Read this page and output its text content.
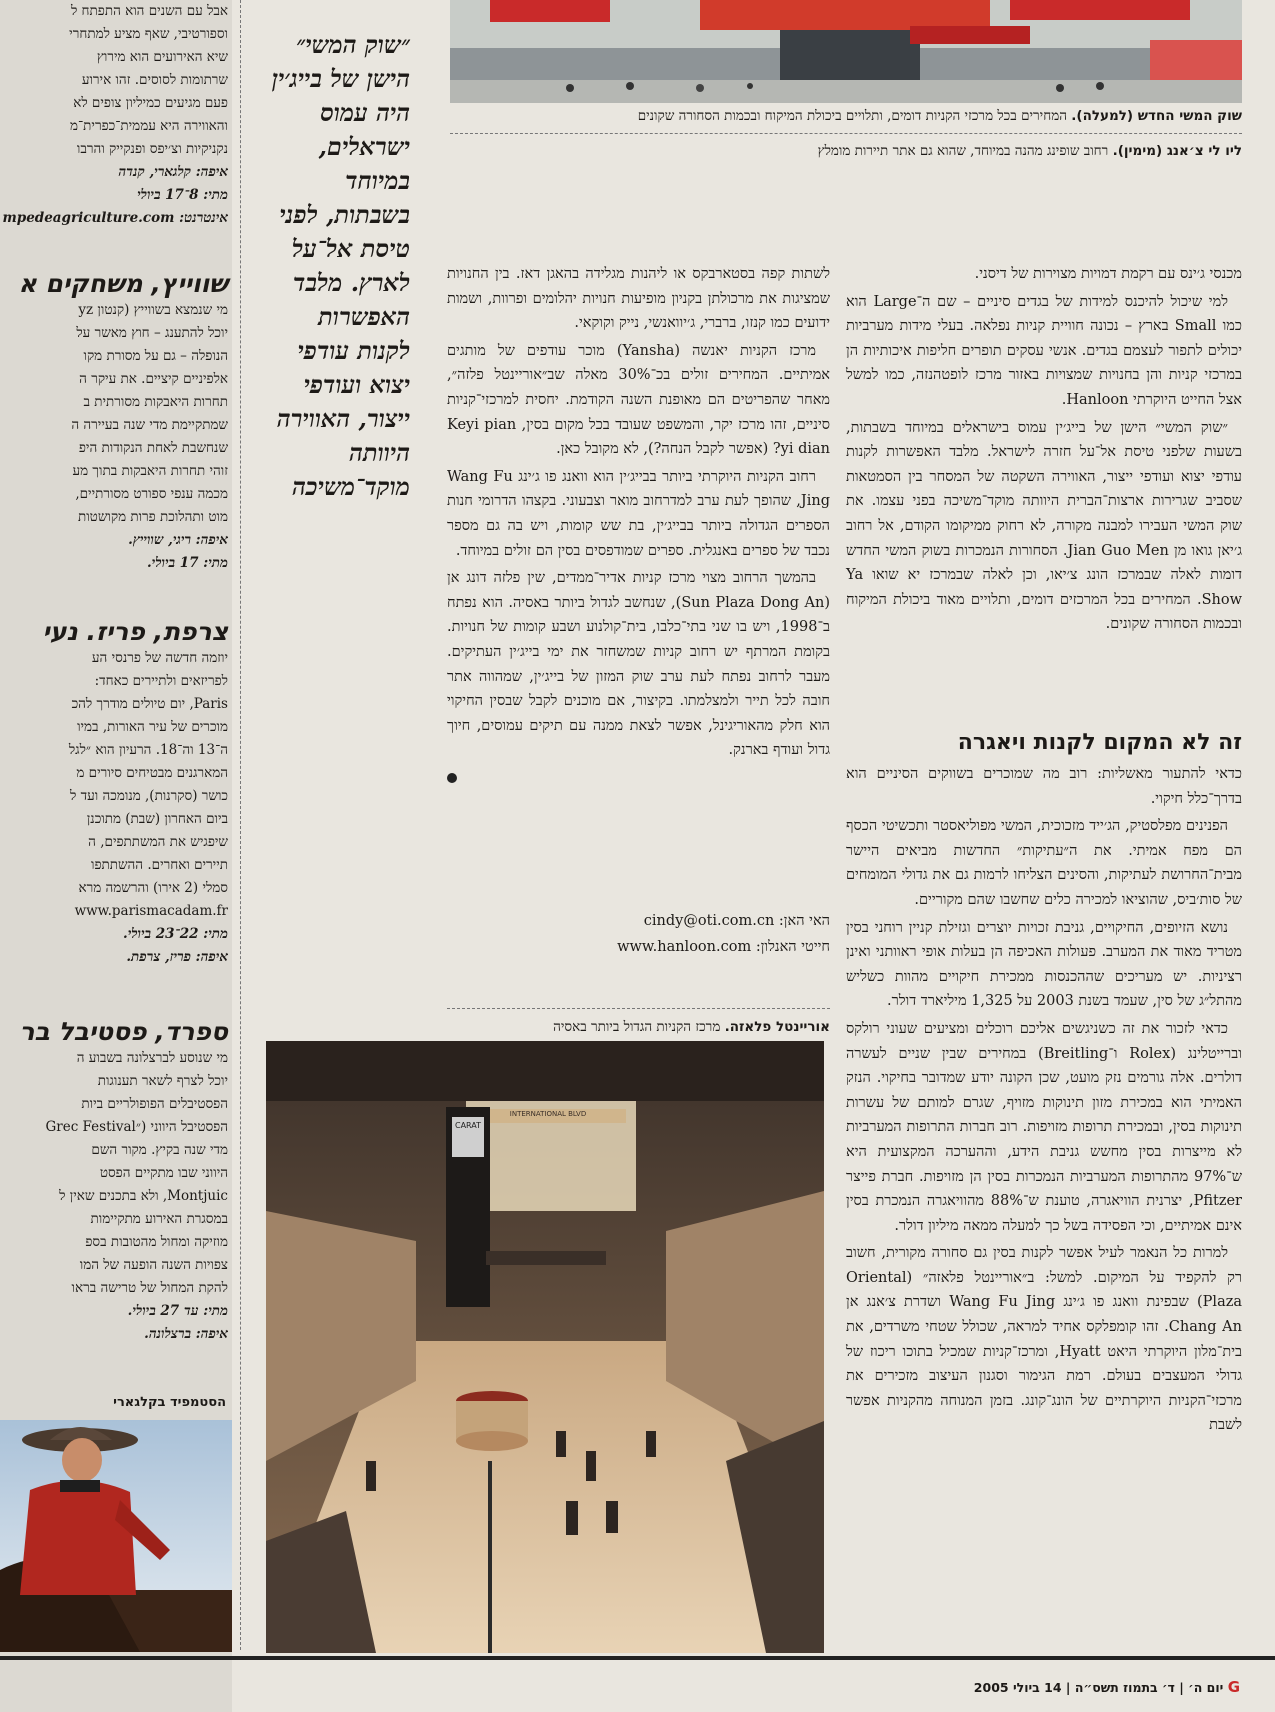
אבל עם השנים הוא התפתח ל
וספורטיבי, שאף מציע למתחרי
שיא האירועים הוא מירוץ
שרתומות לסוסים. זהו אירוע
פעם מגיעים כמיליון צופים לא
והאווירה היא עממית־כפרית־מ
נקניקיות וצ׳יפס ופנקייק והרבו
איפה: קלגארי, קנדה
מתי: 8־17 ביולי
אינטרנט: mpedeagriculture.com
שווייץ, משחקים א
מי שנמצא בשווייץ (קנטון yz
יוכל להתענג – חוץ מאשר על
הנופלה – גם על מסורת מקו
אלפיניים קיציים. את עיקר ה
תחרות היאבקות מסורתית ב
שמתקיימת מדי שנה בעיירה ה
שנחשבת לאחת הנקודות היפ
זוהי תחרות היאבקות בתוך מע
מכמה ענפי ספורט מסורתיים,
מוט ותהלוכת פרות מקושטות
איפה: ריגי, שווייץ.
מתי: 17 ביולי.
צרפת, פריז. נעי
יוזמה חדשה של פרנסי הע
לפריזאים ולתיירים כאחד:
Paris, יום טיולים מודרך להכ
מוכרים של עיר האורות, במיו
ה־13 וה־18. הרעיון הוא ״לגל
המארגנים מבטיחים סיורים מ
כושר (סקרנות), מנומכה ועד ל
ביום האחרון (שבת) מתוכנן
שיפגיש את המשתתפים, ה
תיירים ואחרים. ההשתתפו
סמלי (2 אירו) והרשמה מרא
www.parismacadam.fr
מתי: 22־23 ביולי.
איפה: פריז, צרפת.
ספרד, פסטיבל בר
מי שנוסע לברצלונה בשבוע ה
יוכל לצרף לשאר תענוגות
הפסטיבלים הפופולריים ביות
הפסטיבל היווני (״Grec Festival
מדי שנה בקיץ. מקור השם
היווני שבו מתקיים הפסט
Montjuic, ולא בתכנים שאין ל
במסגרת האירוע מתקיימות
מוזיקה ומחול מהטובות בספ
צפויות השנה הופעה של המו
להקת המחול של טרישה בראו
מתי: עד 27 ביולי.
איפה: ברצלונה.
הסטמפיד בקלגארי
״שוק המשי״ הישן של בייג׳ין היה עמוס ישראלים, במיוחד בשבתות, לפני טיסת אל־על לארץ. מלבד האפשרות לקנות עודפי יצוא ועודפי ייצור, האווירה היוותה מוקד־משיכה
שוק המשי החדש (למעלה). המחירים בכל מרכזי הקניות דומים, ותלויים ביכולת המיקוח ובכמות הסחורה שקונים
ליו לי צ׳אנג (מימין). רחוב שופינג מהנה במיוחד, שהוא גם אתר תיירות מומלץ

מכנסי ג׳ינס עם רקמת דמויות מצוירות של דיסני.

למי שיכול להיכנס למידות של בגדים סיניים – שם ה־Large הוא כמו Small בארץ – נכונה חוויית קניות נפלאה. בעלי מידות מערביות יכולים לתפור לעצמם בגדים. אנשי עסקים תופרים חליפות איכותיות הן במרכזי קניות והן בחנויות שמצויות באזור מרכז לופטהנזה, כמו למשל אצל החייט היוקרתי Hanloon.

״שוק המשי״ הישן של בייג׳ין עמוס בישראלים במיוחד בשבתות, בשעות שלפני טיסת אל־על חזרה לישראל. מלבד האפשרות לקנות עודפי יצוא ועודפי ייצור, האווירה השקטה של המסחר בין הסמטאות שסביב שגרירות ארצות־הברית היוותה מוקד־משיכה בפני עצמו. את שוק המשי העבירו למבנה מקורה, לא רחוק ממיקומו הקודם, אל רחוב ג׳יאן גואו מן Jian Guo Men. הסחורות הנמכרות בשוק המשי החדש דומות לאלה שבמרכז הונג צ׳יאו, וכן לאלה שבמרכז יא שואו Ya Show. המחירים בכל המרכזים דומים, ותלויים מאוד ביכולת המיקוח ובכמות הסחורה שקונים.

זה לא המקום לקנות ויאגרה

כדאי להתעור מאשליות: רוב מה שמוכרים בשווקים הסיניים הוא בדרך־כלל חיקוי.

הפנינים מפלסטיק, הג׳ייד מזכוכית, המשי מפוליאסטר ותכשיטי הכסף הם מפח אמיתי. את ה״עתיקות״ החדשות מביאים היישר מבית־החרושת לעתיקות, והסינים הצליחו לרמות גם את גדולי המומחים של סות׳ביס, שהוציאו למכירה כלים שחשבו שהם מקוריים.

נושא הזיופים, החיקויים, גניבת זכויות יוצרים וגזילת קניין רוחני בסין מטריד מאוד את המערב. פעולות האכיפה הן בעלות אופי ראוותני ואינן רציניות. יש מעריכים שההכנסות ממכירת חיקויים מהוות כשליש מהתל״ג של סין, שעמד בשנת 2003 על 1,325 מיליארד דולר.

כדאי לזכור את זה כשניגשים אליכם רוכלים ומציעים שעוני רולקס וברייטלינג (Rolex ו־Breitling) במחירים שבין שניים לעשרה דולרים. אלה גורמים נזק מועט, שכן הקונה יודע שמדובר בחיקוי. הנזק האמיתי הוא במכירת מזון תינוקות מזויף, שגרם למותם של עשרות תינוקות בסין, ובמכירת תרופות מזויפות. רוב חברות התרופות המערביות לא מייצרות בסין מחשש גניבת הידע, וההערכה המקצועית היא ש־97% מהתרופות המערביות הנמכרות בסין הן מזויפות. חברת פייצר Pfitzer, יצרנית הוויאגרה, טוענת ש־88% מהוויאגרה הנמכרת בסין אינם אמיתיים, וכי הפסידה בשל כך למעלה ממאה מיליון דולר.

למרות כל הנאמר לעיל אפשר לקנות בסין גם סחורה מקורית, חשוב רק להקפיד על המיקום. למשל: ב״אוריינטל פלאזה״ (Oriental Plaza) שבפינת וואנג פו ג׳ינג Wang Fu Jing ושדרת צ׳אנג אן Chang An. זהו קומפלקס אחיד למראה, שכולל שטחי משרדים, את בית־מלון היוקרתי היאט Hyatt, ומרכז־קניות שמכיל בתוכו ריכוז של גדולי המעצבים בעולם. רמת הגימור וסגנון העיצוב מזכירים את מרכזי־הקניות היוקרתיים של הונג־קונג. בזמן המנוחה מהקניות אפשר לשבת

לשתות קפה בסטארבקס או ליהנות מגלידה בהאגן דאז. בין החנויות שמציגות את מרכולתן בקניון מופיעות חנויות יהלומים ופרוות, ושמות ידועים כמו קנזו, ברברי, ג׳יוואנשי, נייק וקוקאי.

מרכז הקניות יאנשה (Yansha) מוכר עודפים של מותגים אמיתיים. המחירים זולים בכ־30% מאלה שב״אוריינטל פלזה״, מאחר שהפריטים הם מאופנת השנה הקודמת. יחסית למרכזי־קניות סיניים, זהו מרכז יקר, והמשפט שעובד בכל מקום בסין, Keyi pian yi dian? (אפשר לקבל הנחה?), לא מקובל כאן.

רחוב הקניות היוקרתי ביותר בבייג׳ין הוא וואנג פו ג׳ינג Wang Fu Jing, שהופך לעת ערב למדרחוב מואר וצבעוני. בקצהו הדרומי חנות הספרים הגדולה ביותר בבייג׳ין, בת שש קומות, ויש בה גם מספר נכבד של ספרים באנגלית. ספרים שמודפסים בסין הם זולים במיוחד.

בהמשך הרחוב מצוי מרכז קניות אדיר־ממדים, שין פלזה דונג אן (Sun Plaza Dong An), שנחשב לגדול ביותר באסיה. הוא נפתח ב־1998, ויש בו שני בתי־כלבו, בית־קולנוע ושבע קומות של חנויות. בקומת המרתף יש רחוב קניות שמשחזר את ימי בייג׳ין העתיקים. מעבר לרחוב נפתח לעת ערב שוק המזון של בייג׳ין, שמהווה אתר חובה לכל תייר ולמצלמתו. בקיצור, אם מוכנים לקבל שבסין החיקוי הוא חלק מהאוריגינל, אפשר לצאת ממנה עם תיקים עמוסים, חיוך גדול ועודף בארנק.

האי האן: cindy@oti.com.cn
חייטי האנלון: www.hanloon.com
אוריינטל פלאזה. מרכז הקניות הגדול ביותר באסיה
CARAT
INTERNATIONAL BLVD
G יום ה׳ | ד׳ בתמוז תשס״ה | 14 ביולי 2005
